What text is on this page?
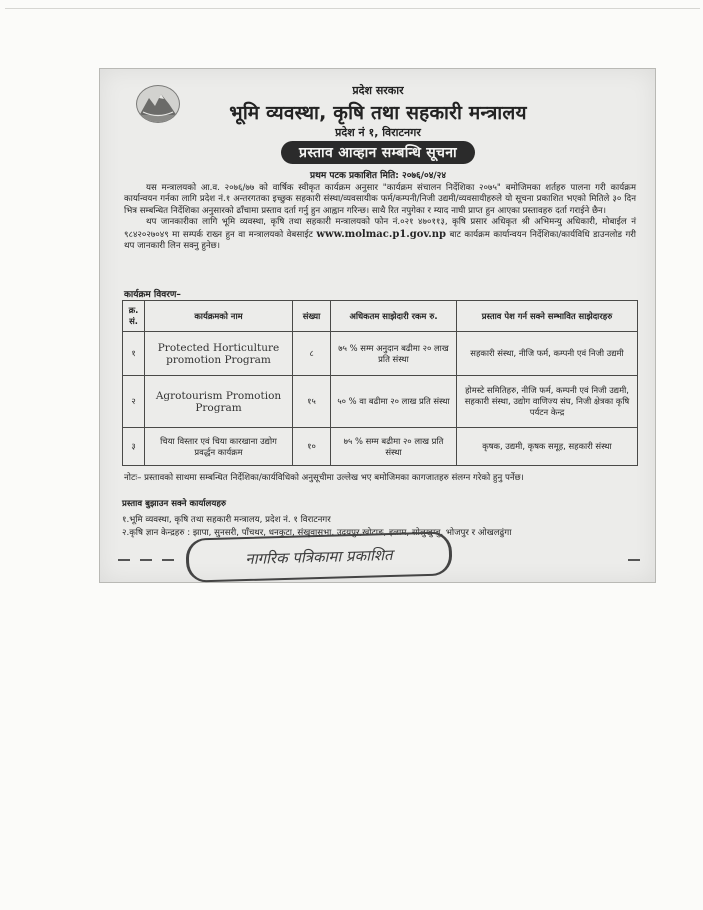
प्रदेश सरकार
भूमि व्यवस्था, कृषि तथा सहकारी मन्त्रालय
प्रदेश नं १, विराटनगर
प्रस्ताव आव्हान सम्बन्धि सूचना
प्रथम पटक प्रकाशित मिति: २०७६/०४/२४

यस मन्त्रालयको आ.व. २०७६/७७ को वार्षिक स्वीकृत कार्यक्रम अनुसार "कार्यक्रम संचालन निर्देशिका २०७५" बमोजिमका शर्तहरु पालना गरी कार्यक्रम कार्यान्वयन गर्नका लागि प्रदेश नं.१ अन्तरगतका इच्छुक सहकारी संस्था/व्यवसायीक फर्म/कम्पनी/निजी उद्यमी/व्यवसायीहरुले यो सूचना प्रकाशित भएको मितिले ३० दिन भित्र सम्बन्धित निर्देशिका अनुसारको ढाँचामा प्रस्ताव दर्ता गर्नु हुन आह्वान गरिन्छ। साथै रित नपुगेका र म्याद नाघी प्राप्त हुन आएका प्रस्तावहरु दर्ता गराईने छैन।

थप जानकारीका लागि भूमि व्यवस्था, कृषि तथा सहकारी मन्त्रालयको फोन नं.०२१ ४७०११३, कृषि प्रसार अधिकृत श्री अभिमन्यु अधिकारी, मोबाईल नं ९८४२०२७०४९ मा सम्पर्क राख्न हुन वा मन्त्रालयको वेबसाईट www.molmac.p1.gov.np बाट कार्यक्रम कार्यान्वयन निर्देशिका/कार्यविधि डाउनलोड गरी थप जानकारी लिन सक्नु हुनेछ।

कार्यक्रम विवरण–
क्र. सं.	कार्यक्रमको नाम	संख्या	अधिकतम साझेदारी रकम रु.	प्रस्ताव पेश गर्न सक्ने सम्भावित साझेदारहरु
१	Protected Horticulture promotion Program	८	७५ % सम्म अनुदान बढीमा २० लाख प्रति संस्था	सहकारी संस्था, नीजि फर्म, कम्पनी एवं निजी उद्यमी
२	Agrotourism Promotion Program	१५	५० % वा बढीमा २० लाख प्रति संस्था	होमस्टे समितिहरु, नीजि फर्म, कम्पनी एवं निजी उद्यमी, सहकारी संस्था, उद्योग वाणिज्य संघ, निजी क्षेत्रका कृषि पर्यटन केन्द्र
३	चिया विस्तार एवं चिया कारखाना उद्योग प्रवर्द्धन कार्यक्रम	१०	७५ % सम्म बढीमा २० लाख प्रति संस्था	कृषक, उद्यमी, कृषक समूह, सहकारी संस्था
नोटः– प्रस्तावको साथमा सम्बन्धित निर्देशिका/कार्यविधिको अनुसूचीमा उल्लेख भए बमोजिमका कागजातहरु संलग्न गरेको हुनु पर्नेछ।
प्रस्ताव बुझाउन सक्ने कार्यालयहरु
१.भूमि व्यवस्था, कृषि तथा सहकारी मन्त्रालय, प्रदेश नं. १ विराटनगर
२.कृषि ज्ञान केन्द्रहरु : झापा, सुनसरी, पाँचथर, धनकुटा, संखुवासभा, उदयपुर,खोटाङ, इलाम, सोलुखुम्बु, भोजपुर र ओखलढुंगा
नागरिक पत्रिकामा प्रकाशित
